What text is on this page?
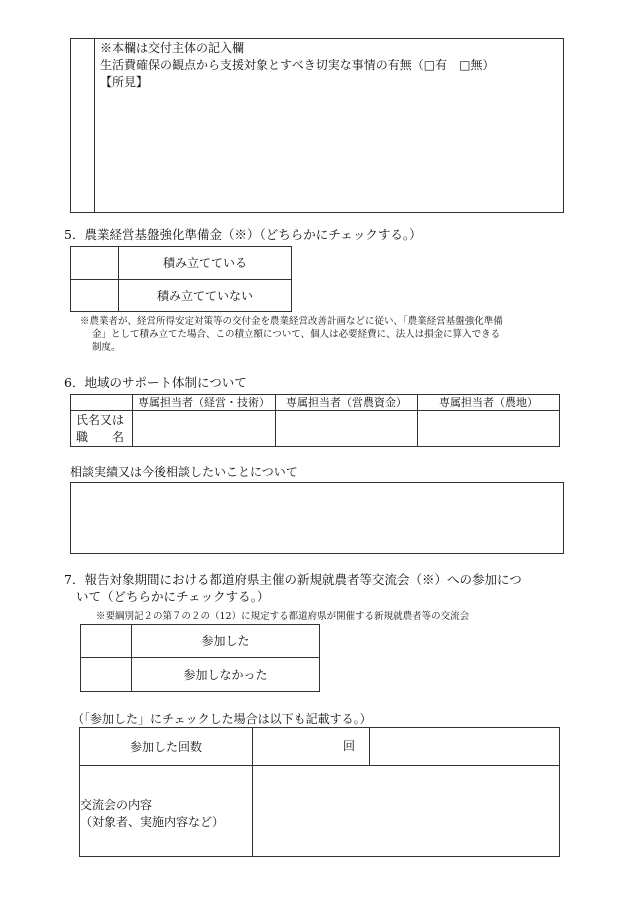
※本欄は交付主体の記入欄
生活費確保の観点から支援対象とすべき切実な事情の有無（□有　□無）
【所見】
5．農業経営基盤強化準備金（※）（どちらかにチェックする。）
積み立てている
積み立てていない
※農業者が、経営所得安定対策等の交付金を農業経営改善計画などに従い、「農業経営基盤強化準備
金」として積み立てた場合、この積立額について、個人は必要経費に、法人は損金に算入できる
制度。
6．地域のサポート体制について
専属担当者（経営・技術）	専属担当者（営農資金）	専属担当者（農地）
氏名又は
職　　名
相談実績又は今後相談したいことについて
7．報告対象期間における都道府県主催の新規就農者等交流会（※）への参加につ
いて（どちらかにチェックする。）
※要綱別記２の第７の２の（12）に規定する都道府県が開催する新規就農者等の交流会
参加した
参加しなかった
（「参加した」にチェックした場合は以下も記載する。）
参加した回数	回
交流会の内容
（対象者、実施内容など）
